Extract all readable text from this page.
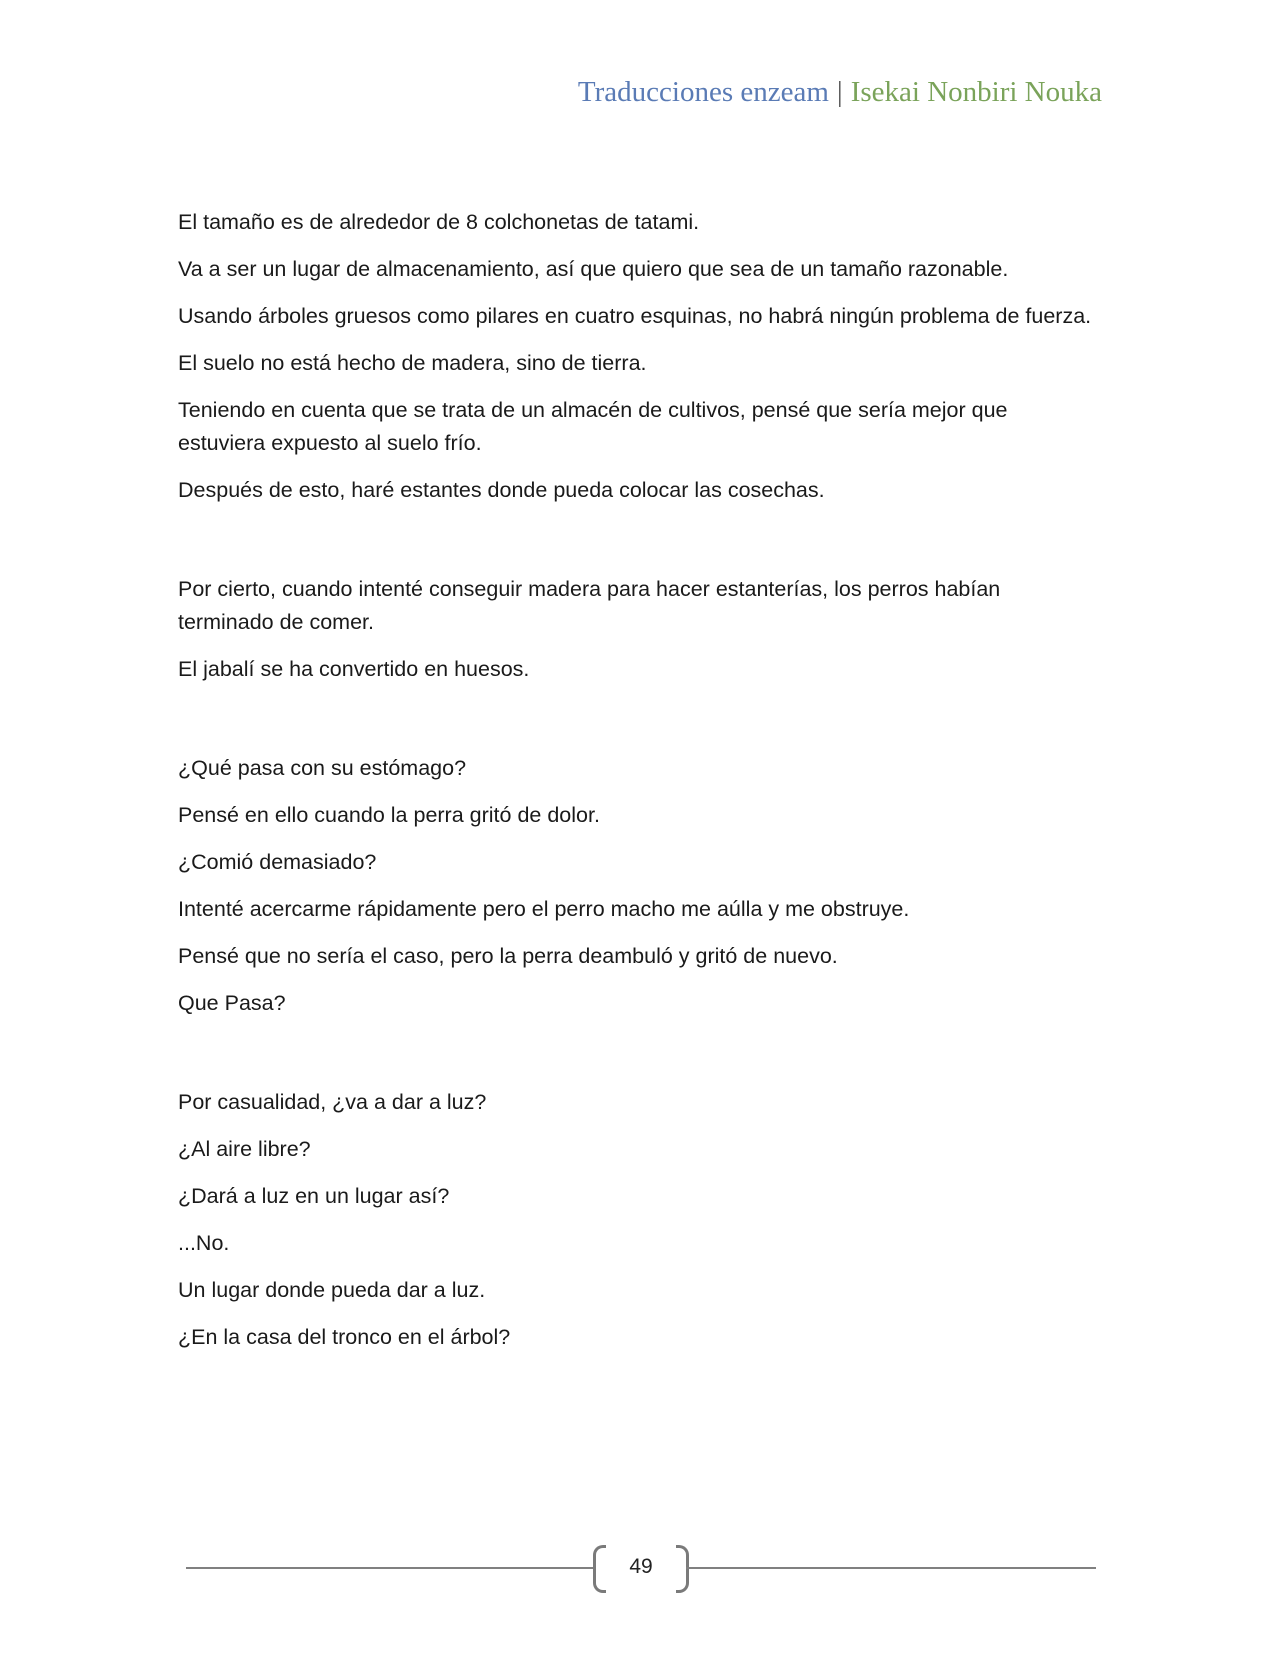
Traducciones enzeam | Isekai Nonbiri Nouka

El tamaño es de alrededor de 8 colchonetas de tatami.

Va a ser un lugar de almacenamiento, así que quiero que sea de un tamaño razonable.

Usando árboles gruesos como pilares en cuatro esquinas, no habrá ningún problema de fuerza.

El suelo no está hecho de madera, sino de tierra.

Teniendo en cuenta que se trata de un almacén de cultivos, pensé que sería mejor que estuviera expuesto al suelo frío.

Después de esto, haré estantes donde pueda colocar las cosechas.

Por cierto, cuando intenté conseguir madera para hacer estanterías, los perros habían terminado de comer.

El jabalí se ha convertido en huesos.

¿Qué pasa con su estómago?

Pensé en ello cuando la perra gritó de dolor.

¿Comió demasiado?

Intenté acercarme rápidamente pero el perro macho me aúlla y me obstruye.

Pensé que no sería el caso, pero la perra deambuló y gritó de nuevo.

Que Pasa?

Por casualidad, ¿va a dar a luz?

¿Al aire libre?

¿Dará a luz en un lugar así?

...No.

Un lugar donde pueda dar a luz.

¿En la casa del tronco en el árbol?

49
